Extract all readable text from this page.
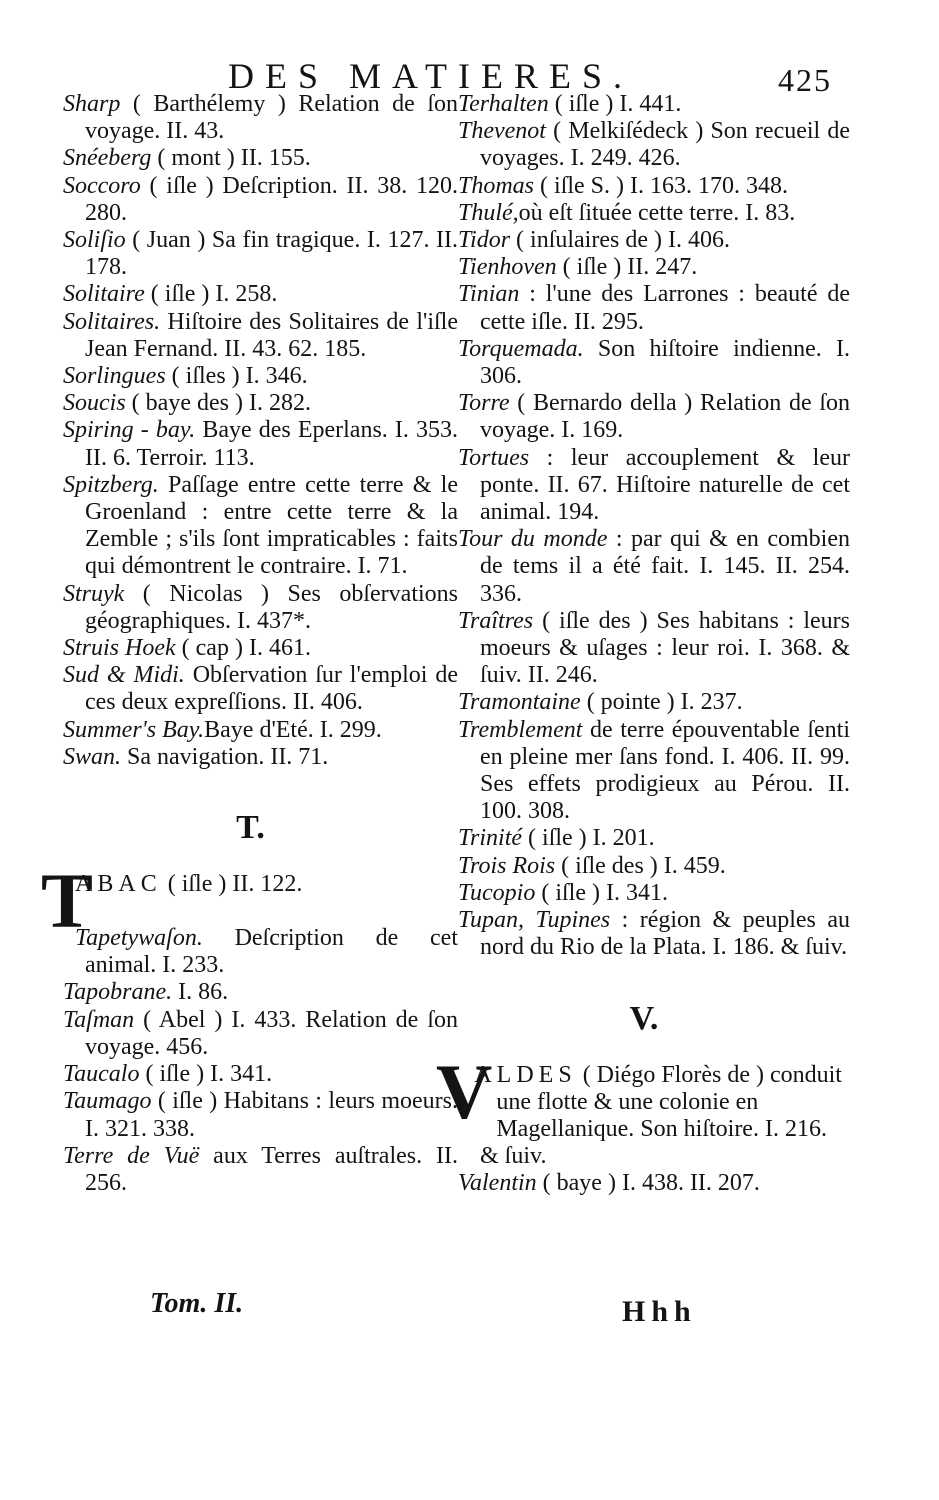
DES MATIERES.	425

Sharp ( Barthélemy ) Relation de ſon voyage. II. 43.

Snéeberg ( mont ) II. 155.

Soccoro ( iſle ) Deſcription. II. 38. 120. 280.

Soliſio ( Juan ) Sa fin tragique. I. 127. II. 178.

Solitaire ( iſle ) I. 258.

Solitaires. Hiſtoire des Solitaires de l'iſle Jean Fernand. II. 43. 62. 185.

Sorlingues ( iſles ) I. 346.

Soucis ( baye des ) I. 282.

Spiring - bay. Baye des Eperlans. I. 353. II. 6. Terroir. 113.

Spitzberg. Paſſage entre cette terre & le Groenland : entre cette terre & la Zemble ; s'ils ſont impraticables : faits qui démontrent le contraire. I. 71.

Struyk ( Nicolas ) Ses obſervations géographiques. I. 437*.

Struis Hoek ( cap ) I. 461.

Sud & Midi. Obſervation ſur l'emploi de ces deux expreſſions. II. 406.

Summer's Bay.Baye d'Eté. I. 299.

Swan. Sa navigation. II. 71.

T.

T
ABAC ( iſle ) II. 122.

Tapetywaſon. Deſcription de cet animal. I. 233.

Tapobrane. I. 86.

Taſman ( Abel ) I. 433. Relation de ſon voyage. 456.

Taucalo ( iſle ) I. 341.

Taumago ( iſle ) Habitans : leurs moeurs. I. 321. 338.

Terre de Vuë aux Terres auſtrales. II. 256.

Terhalten ( iſle ) I. 441.

Thevenot ( Melkiſédeck ) Son recueil de voyages. I. 249. 426.

Thomas ( iſle S. ) I. 163. 170. 348.

Thulé,où eſt ſituée cette terre. I. 83.

Tidor ( inſulaires de ) I. 406.

Tienhoven ( iſle ) II. 247.

Tinian : l'une des Larrones : beauté de cette iſle. II. 295.

Torquemada. Son hiſtoire indienne. I. 306.

Torre ( Bernardo della ) Relation de ſon voyage. I. 169.

Tortues : leur accouplement & leur ponte. II. 67. Hiſtoire naturelle de cet animal. 194.

Tour du monde : par qui & en combien de tems il a été fait. I. 145. II. 254. 336.

Traîtres ( iſle des ) Ses habitans : leurs moeurs & uſages : leur roi. I. 368. & ſuiv. II. 246.

Tramontaine ( pointe ) I. 237.

Tremblement de terre épouventable ſenti en pleine mer ſans fond. I. 406. II. 99. Ses effets prodigieux au Pérou. II. 100. 308.

Trinité ( iſle ) I. 201.

Trois Rois ( iſle des ) I. 459.

Tucopio ( iſle ) I. 341.

Tupan, Tupines : région & peuples au nord du Rio de la Plata. I. 186. & ſuiv.

V.

V
ALDES ( Diégo Florès de ) conduit une flotte & une colonie en Magellanique. Son hiſtoire. I. 216. & ſuiv.

Valentin ( baye ) I. 438. II. 207.

Tom. II.	Hhh
